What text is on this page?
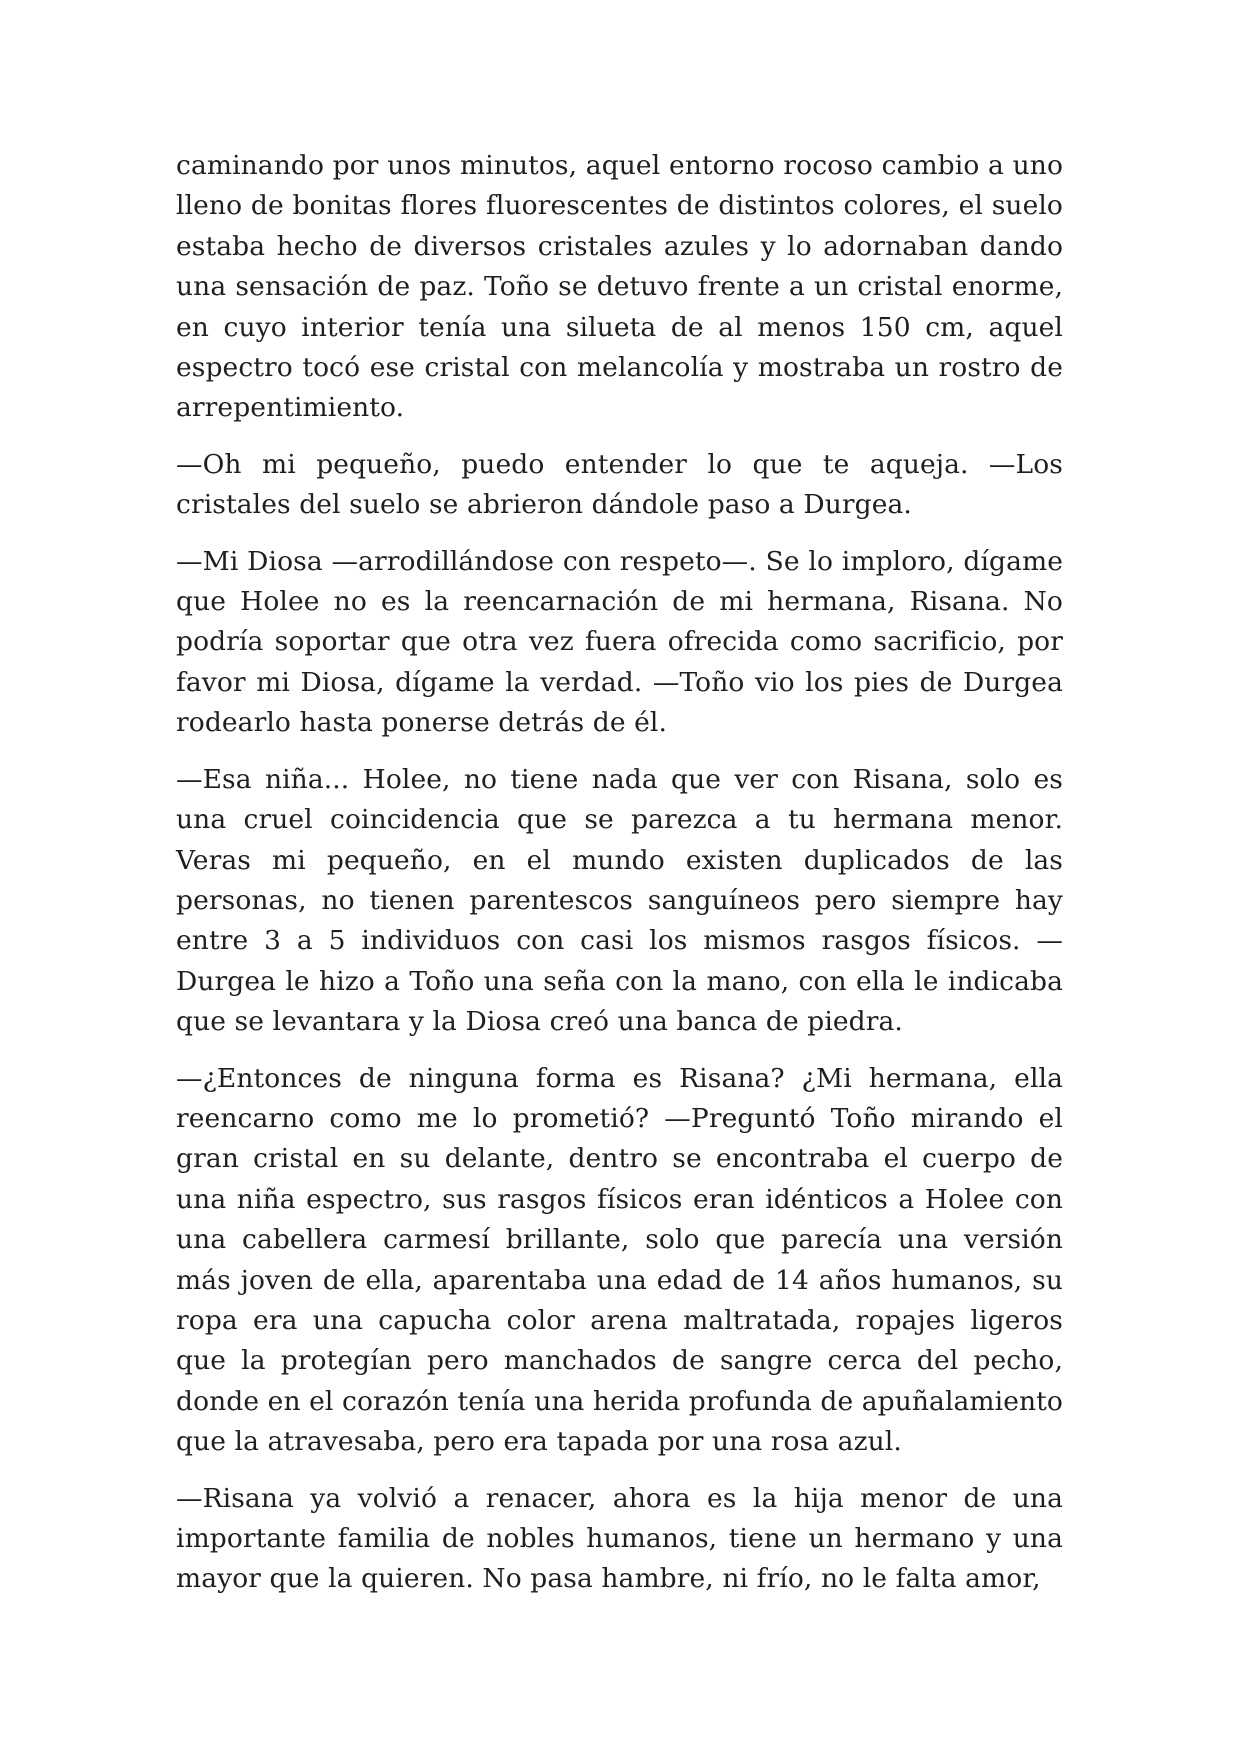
caminando por unos minutos, aquel entorno rocoso cambio a uno lleno de bonitas flores fluorescentes de distintos colores, el suelo estaba hecho de diversos cristales azules y lo adornaban dando una sensación de paz. Toño se detuvo frente a un cristal enorme, en cuyo interior tenía una silueta de al menos 150 cm, aquel espectro tocó ese cristal con melancolía y mostraba un rostro de arrepentimiento.

—Oh mi pequeño, puedo entender lo que te aqueja. —Los cristales del suelo se abrieron dándole paso a Durgea.

—Mi Diosa —arrodillándose con respeto—. Se lo imploro, dígame que Holee no es la reencarnación de mi hermana, Risana. No podría soportar que otra vez fuera ofrecida como sacrificio, por favor mi Diosa, dígame la verdad. —Toño vio los pies de Durgea rodearlo hasta ponerse detrás de él.

—Esa niña... Holee, no tiene nada que ver con Risana, solo es una cruel coincidencia que se parezca a tu hermana menor. Veras mi pequeño, en el mundo existen duplicados de las personas, no tienen parentescos sanguíneos pero siempre hay entre 3 a 5 individuos con casi los mismos rasgos físicos. —Durgea le hizo a Toño una seña con la mano, con ella le indicaba que se levantara y la Diosa creó una banca de piedra.

—¿Entonces de ninguna forma es Risana? ¿Mi hermana, ella reencarno como me lo prometió? —Preguntó Toño mirando el gran cristal en su delante, dentro se encontraba el cuerpo de una niña espectro, sus rasgos físicos eran idénticos a Holee con una cabellera carmesí brillante, solo que parecía una versión más joven de ella, aparentaba una edad de 14 años humanos, su ropa era una capucha color arena maltratada, ropajes ligeros que la protegían pero manchados de sangre cerca del pecho, donde en el corazón tenía una herida profunda de apuñalamiento que la atravesaba, pero era tapada por una rosa azul.

—Risana ya volvió a renacer, ahora es la hija menor de una importante familia de nobles humanos, tiene un hermano y una mayor que la quieren. No pasa hambre, ni frío, no le falta amor,
